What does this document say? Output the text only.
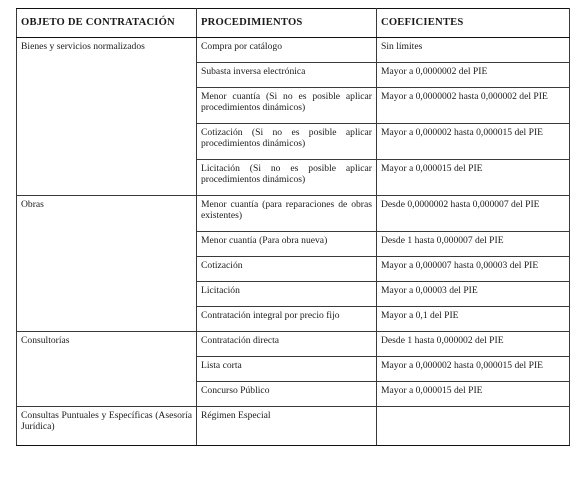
OBJETO DE CONTRATACIÓN	PROCEDIMIENTOS	COEFICIENTES
Bienes y servicios normalizados	Compra por catálogo	Sin límites
	Subasta inversa electrónica	Mayor a 0,0000002 del PIE
	Menor cuantía (Si no es posible aplicar procedimientos dinámicos)	Mayor a 0,0000002 hasta 0,000002 del PIE
	Cotización (Si no es posible aplicar procedimientos dinámicos)	Mayor a 0,000002 hasta 0,000015 del PIE
	Licitación (Si no es posible aplicar procedimientos dinámicos)	Mayor a 0,000015 del PIE
Obras	Menor cuantía (para reparaciones de obras existentes)	Desde 0,0000002 hasta 0,000007 del PIE
	Menor cuantía (Para obra nueva)	Desde 1 hasta 0,000007 del PIE
	Cotización	Mayor a 0,000007 hasta 0,00003 del PIE
	Licitación	Mayor a 0,00003 del PIE
	Contratación integral por precio fijo	Mayor a 0,1 del PIE
Consultorías	Contratación directa	Desde 1 hasta 0,000002 del PIE
	Lista corta	Mayor a 0,000002 hasta 0,000015 del PIE
	Concurso Público	Mayor a 0,000015 del PIE
Consultas Puntuales y Específicas (Asesoría Jurídica)	Régimen Especial	
